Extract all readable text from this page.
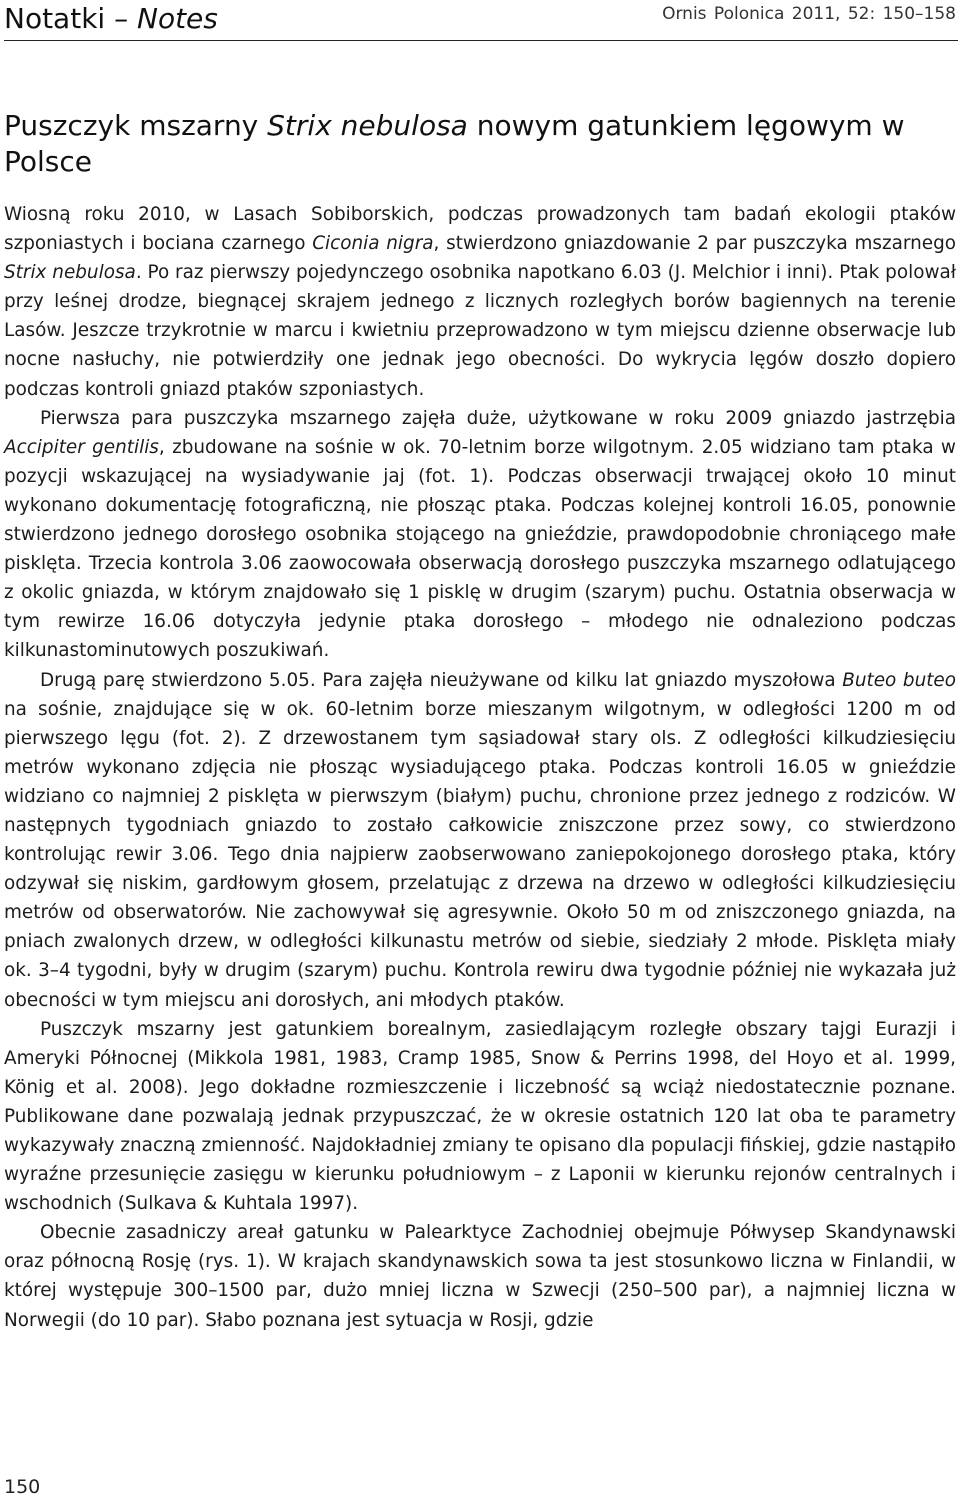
Notatki – Notes	Ornis Polonica 2011, 52: 150–158
Puszczyk mszarny Strix nebulosa nowym gatunkiem lęgowym w Polsce

Wiosną roku 2010, w Lasach Sobiborskich, podczas prowadzonych tam badań ekologii ptaków szponiastych i bociana czarnego Ciconia nigra, stwierdzono gniazdowanie 2 par puszczyka mszarnego Strix nebulosa. Po raz pierwszy pojedynczego osobnika napotkano 6.03 (J. Melchior i inni). Ptak polował przy leśnej drodze, biegnącej skrajem jednego z licznych rozległych borów bagiennych na terenie Lasów. Jeszcze trzykrotnie w marcu i kwietniu przeprowadzono w tym miejscu dzienne obserwacje lub nocne nasłuchy, nie potwierdziły one jednak jego obecności. Do wykrycia lęgów doszło dopiero podczas kontroli gniazd ptaków szponiastych.

Pierwsza para puszczyka mszarnego zajęła duże, użytkowane w roku 2009 gniazdo jastrzębia Accipiter gentilis, zbudowane na sośnie w ok. 70-letnim borze wilgotnym. 2.05 widziano tam ptaka w pozycji wskazującej na wysiadywanie jaj (fot. 1). Podczas obserwacji trwającej około 10 minut wykonano dokumentację fotograficzną, nie płosząc ptaka. Podczas kolejnej kontroli 16.05, ponownie stwierdzono jednego dorosłego osobnika stojącego na gnieździe, prawdopodobnie chroniącego małe pisklęta. Trzecia kontrola 3.06 zaowocowała obserwacją dorosłego puszczyka mszarnego odlatującego z okolic gniazda, w którym znajdowało się 1 pisklę w drugim (szarym) puchu. Ostatnia obserwacja w tym rewirze 16.06 dotyczyła jedynie ptaka dorosłego – młodego nie odnaleziono podczas kilkunastominutowych poszukiwań.

Drugą parę stwierdzono 5.05. Para zajęła nieużywane od kilku lat gniazdo myszołowa Buteo buteo na sośnie, znajdujące się w ok. 60-letnim borze mieszanym wilgotnym, w odległości 1200 m od pierwszego lęgu (fot. 2). Z drzewostanem tym sąsiadował stary ols. Z odległości kilkudziesięciu metrów wykonano zdjęcia nie płosząc wysiadującego ptaka. Podczas kontroli 16.05 w gnieździe widziano co najmniej 2 pisklęta w pierwszym (białym) puchu, chronione przez jednego z rodziców. W następnych tygodniach gniazdo to zostało całkowicie zniszczone przez sowy, co stwierdzono kontrolując rewir 3.06. Tego dnia najpierw zaobserwowano zaniepokojonego dorosłego ptaka, który odzywał się niskim, gardłowym głosem, przelatując z drzewa na drzewo w odległości kilkudziesięciu metrów od obserwatorów. Nie zachowywał się agresywnie. Około 50 m od zniszczonego gniazda, na pniach zwalonych drzew, w odległości kilkunastu metrów od siebie, siedziały 2 młode. Pisklęta miały ok. 3–4 tygodni, były w drugim (szarym) puchu. Kontrola rewiru dwa tygodnie później nie wykazała już obecności w tym miejscu ani dorosłych, ani młodych ptaków.

Puszczyk mszarny jest gatunkiem borealnym, zasiedlającym rozległe obszary tajgi Eurazji i Ameryki Północnej (Mikkola 1981, 1983, Cramp 1985, Snow & Perrins 1998, del Hoyo et al. 1999, König et al. 2008). Jego dokładne rozmieszczenie i liczebność są wciąż niedostatecznie poznane. Publikowane dane pozwalają jednak przypuszczać, że w okresie ostatnich 120 lat oba te parametry wykazywały znaczną zmienność. Najdokładniej zmiany te opisano dla populacji fińskiej, gdzie nastąpiło wyraźne przesunięcie zasięgu w kierunku południowym – z Laponii w kierunku rejonów centralnych i wschodnich (Sulkava & Kuhtala 1997).

Obecnie zasadniczy areał gatunku w Palearktyce Zachodniej obejmuje Półwysep Skandynawski oraz północną Rosję (rys. 1). W krajach skandynawskich sowa ta jest stosunkowo liczna w Finlandii, w której występuje 300–1500 par, dużo mniej liczna w Szwecji (250–500 par), a najmniej liczna w Norwegii (do 10 par). Słabo poznana jest sytuacja w Rosji, gdzie

150
